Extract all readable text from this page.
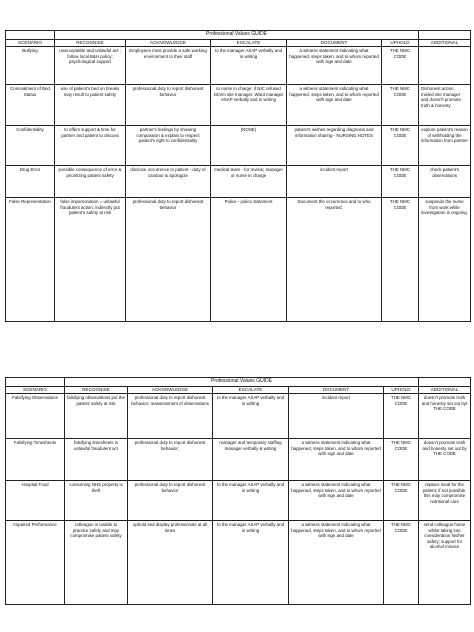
	Professional Values GUIDE					
SCENARIO	RECOGNISE	ACKNOWLEDGE	ESCALATE	DOCUMENT	UPHOLD	ADDITIONAL
Bullying	unacceptable and unlawful act ; follow local B&H policy; psychological support	Employees must provide a safe working environment to their staff	to the manager ASAP verbally and in writing	a witness statement indicating what happened, steps taken, and to whom reported with sign and date	THE NMC CODE	
Concealment of Bed Status	use of patient's bed on breaks may result to patient safety	professional duty to report dishonest behavior	to nurse in charge; if NIC refused inform site manager. Ward manager ASAP verbally and in writing	a witness statement indicating what happened, steps taken, and to whom reported with sign and date	THE NMC CODE	Dishonest action, misled site manager and doesn't promote truth & honesty
Confidentiality	to offers support & time for partner and patient to discuss	partner's feelings by showing compassion & explain to respect patient's right to confidentiality	(NONE)	patient's wishes regarding diagnosis and information sharing - NURSING NOTES	THE NMC CODE	explore patient's reason of withholding the information from partner
Drug Error	possible consequence of error & prioritizing patient safety	disclose occurrence to patient - duty of candour & apologize	medical team - for review; manager or nurse in charge	incident report	THE NMC CODE	check patient's observations
False Representation	false impersonation = unlawful fraudulent action; indirectly put patient's safety at risk	professional duty to report dishonest behavior	Police - police statement	Document the occurrence and to who reported.	THE NMC CODE	suspends the nurse from work while investigation is ongoing.
	Professional Values GUIDE					
SCENARIO	RECOGNISE	ACKNOWLEDGE	ESCALATE	DOCUMENT	UPHOLD	ADDITIONAL
Falsifying Observations	falsifying observations put the patient safety at risk	professional duty to report dishonest behavior; reassessment of observations	to the manager ASAP verbally and in writing	incident report	THE NMC CODE	doesn't promote truth and honesty set out byt THE CODE
Falsifying Timesheets	falsifying timesheets is unlawful fraudulent act	professional duty to report dishonest behavior;	manager and temporary staffing manager verbally & writing	a witness statement indicating what happened, steps taken, and to whom reported with sign and date	THE NMC CODE	doesn't promote truth and honesty set out by THE CODE
Hospital Food	consuming NHS property is theft	professional duty to report dishonest behavior	to the manager ASAP verbally and in writing	a witness statement indicating what happened, steps taken, and to whom reported with sign and date	THE NMC CODE	replace meal for the patient; if not possible, this may compromise nutritional care
Impaired Performance	colleague is unable to practice safely and may compromise patient safety	uphold and display professionals at all times	to the manager ASAP verbally and in writing	a witness statement indicating what happened, steps taken, and to whom reported with sign and date	THE NMC CODE	send colleague home whilst taking into consideration his/her safety; support for alcohol misuse
